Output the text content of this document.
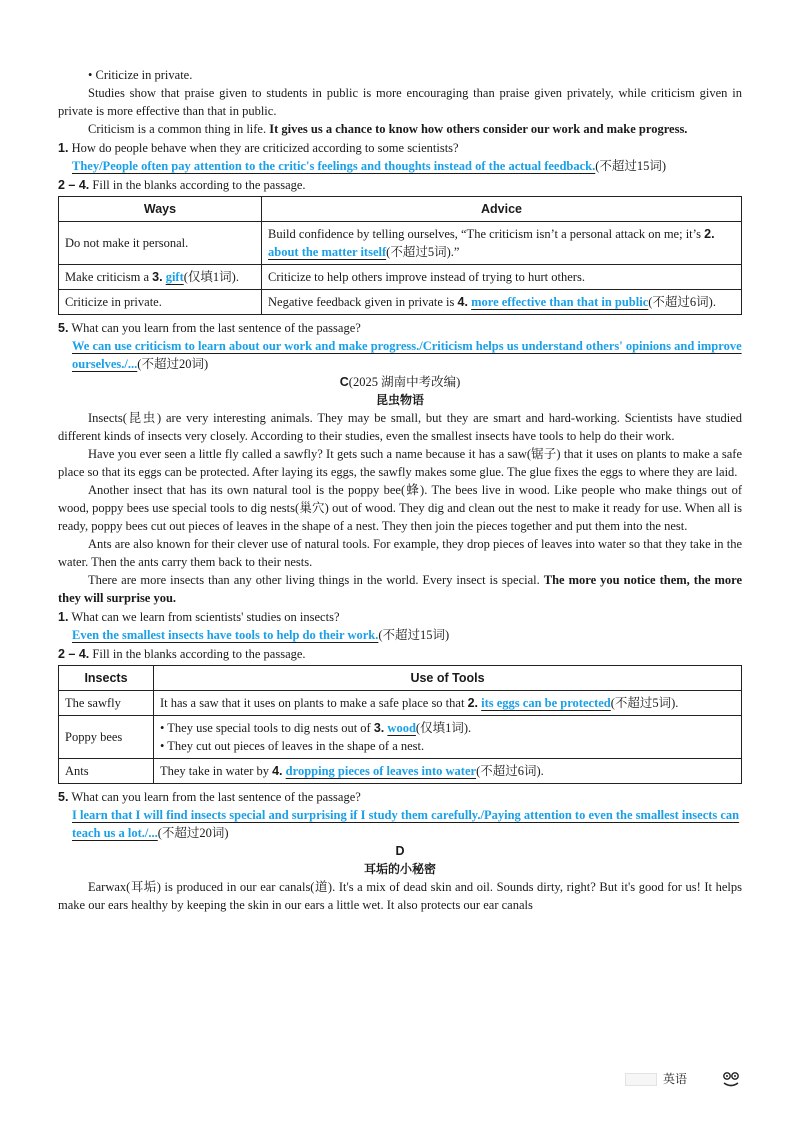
• Criticize in private.

Studies show that praise given to students in public is more encouraging than praise given privately, while criticism given in private is more effective than that in public.

Criticism is a common thing in life. It gives us a chance to know how others consider our work and make progress.

1. How do people behave when they are criticized according to some scientists?

They/People often pay attention to the critic's feelings and thoughts instead of the actual feedback.(不超过15词)

2 – 4. Fill in the blanks according to the passage.

Ways	Advice
Do not make it personal.	Build confidence by telling ourselves, “The criticism isn’t a personal attack on me; it’s 2. about the matter itself(不超过5词).”
Make criticism a 3. gift(仅填1词).	Criticize to help others improve instead of trying to hurt others.
Criticize in private.	Negative feedback given in private is 4. more effective than that in public(不超过6词).

5. What can you learn from the last sentence of the passage?

We can use criticism to learn about our work and make progress./Criticism helps us understand others' opinions and improve ourselves./...(不超过20词)

C(2025 湖南中考改编)

昆虫物语

Insects(昆虫) are very interesting animals. They may be small, but they are smart and hard-working. Scientists have studied different kinds of insects very closely. According to their studies, even the smallest insects have tools to help do their work.

Have you ever seen a little fly called a sawfly? It gets such a name because it has a saw(锯子) that it uses on plants to make a safe place so that its eggs can be protected. After laying its eggs, the sawfly makes some glue. The glue fixes the eggs to where they are laid.

Another insect that has its own natural tool is the poppy bee(蜂). The bees live in wood. Like people who make things out of wood, poppy bees use special tools to dig nests(巢穴) out of wood. They dig and clean out the nest to make it ready for use. When all is ready, poppy bees cut out pieces of leaves in the shape of a nest. They then join the pieces together and put them into the nest.

Ants are also known for their clever use of natural tools. For example, they drop pieces of leaves into water so that they take in the water. Then the ants carry them back to their nests.

There are more insects than any other living things in the world. Every insect is special. The more you notice them, the more they will surprise you.

1. What can we learn from scientists' studies on insects?

Even the smallest insects have tools to help do their work.(不超过15词)

2 – 4. Fill in the blanks according to the passage.

Insects	Use of Tools
The sawfly	It has a saw that it uses on plants to make a safe place so that 2. its eggs can be protected(不超过5词).
Poppy bees	• They use special tools to dig nests out of 3. wood(仅填1词).
• They cut out pieces of leaves in the shape of a nest.

Ants	They take in water by 4. dropping pieces of leaves into water(不超过6词).

5. What can you learn from the last sentence of the passage?

I learn that I will find insects special and surprising if I study them carefully./Paying attention to even the smallest insects can teach us a lot./...(不超过20词)

D

耳垢的小秘密

Earwax(耳垢) is produced in our ear canals(道). It's a mix of dead skin and oil. Sounds dirty, right? But it's good for us! It helps make our ears healthy by keeping the skin in our ears a little wet. It also protects our ear canals

英语
